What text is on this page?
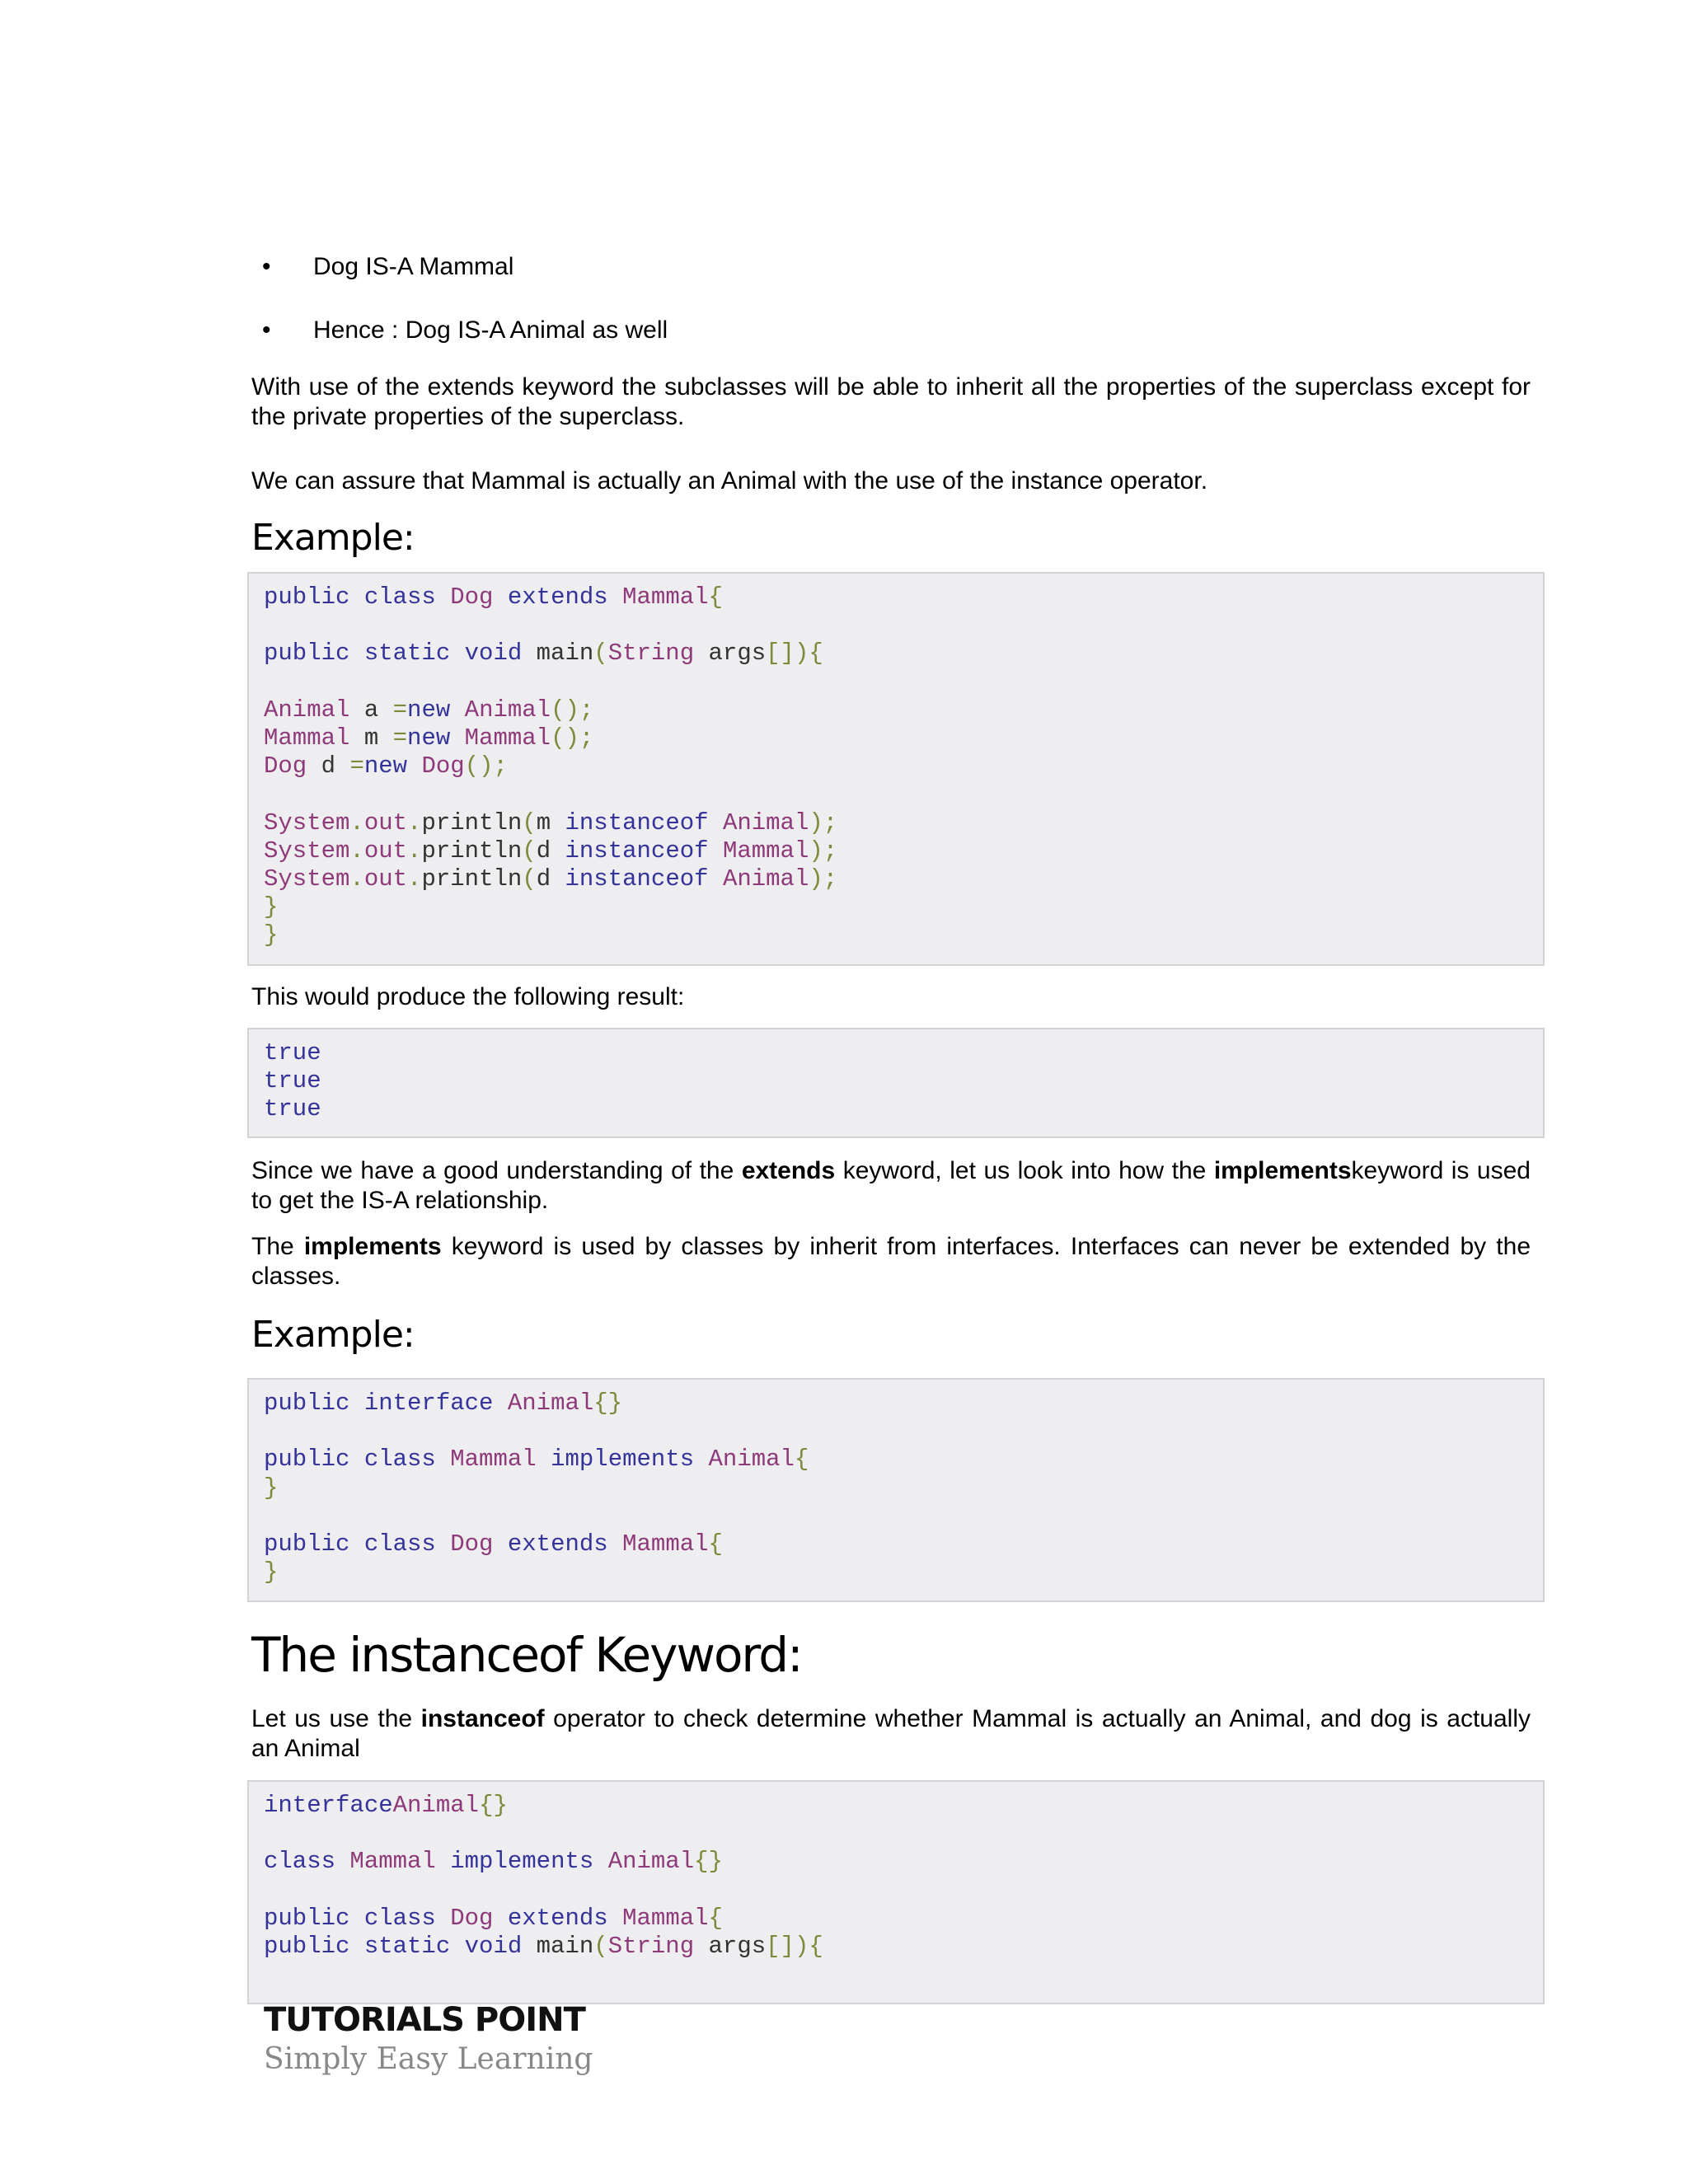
• Dog IS-A Mammal
• Hence : Dog IS-A Animal as well
With use of the extends keyword the subclasses will be able to inherit all the properties of the superclass except for the private properties of the superclass.
We can assure that Mammal is actually an Animal with the use of the instance operator.
Example:
public class Dog extends Mammal{

public static void main(String args[]){

Animal a =new Animal();
Mammal m =new Mammal();
Dog d =new Dog();

System.out.println(m instanceof Animal);
System.out.println(d instanceof Mammal);
System.out.println(d instanceof Animal);
}
}
This would produce the following result:
true
true
true
Since we have a good understanding of the extends keyword, let us look into how the implementskeyword is used to get the IS-A relationship.
The implements keyword is used by classes by inherit from interfaces. Interfaces can never be extended by the classes.
Example:
public interface Animal{}

public class Mammal implements Animal{
}

public class Dog extends Mammal{
}
The instanceof Keyword:
Let us use the instanceof operator to check determine whether Mammal is actually an Animal, and dog is actually an Animal
interfaceAnimal{}

class Mammal implements Animal{}

public class Dog extends Mammal{
public static void main(String args[]){
TUTORIALS POINT
Simply Easy Learning
